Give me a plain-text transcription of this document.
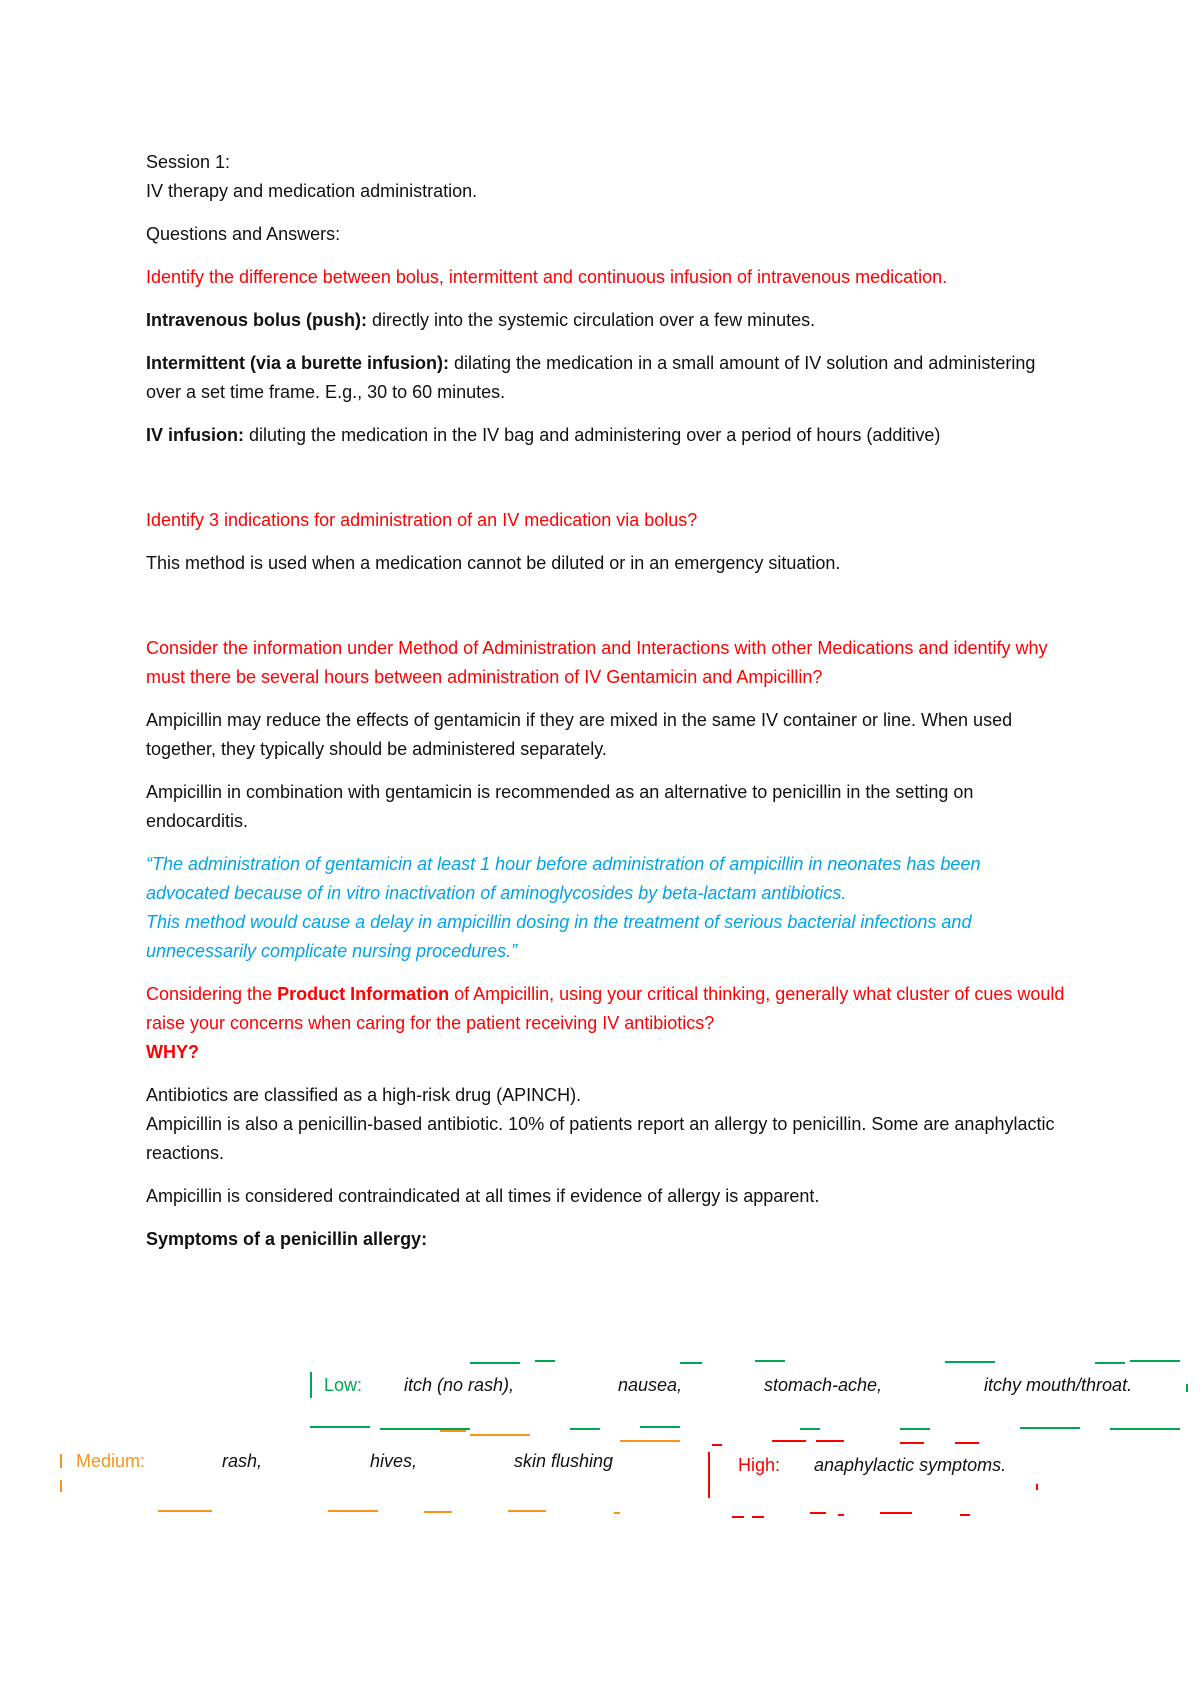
Session 1:

IV therapy and medication administration.

Questions and Answers:

Identify the difference between bolus, intermittent and continuous infusion of intravenous medication.

Intravenous bolus (push): directly into the systemic circulation over a few minutes.

Intermittent (via a burette infusion): dilating the medication in a small amount of IV solution and administering over a set time frame. E.g., 30 to 60 minutes.

IV infusion: diluting the medication in the IV bag and administering over a period of hours (additive)

Identify 3 indications for administration of an IV medication via bolus?

This method is used when a medication cannot be diluted or in an emergency situation.

Consider the information under Method of Administration and Interactions with other Medications and identify why must there be several hours between administration of IV Gentamicin and Ampicillin?

Ampicillin may reduce the effects of gentamicin if they are mixed in the same IV container or line. When used together, they typically should be administered separately.

Ampicillin in combination with gentamicin is recommended as an alternative to penicillin in the setting on endocarditis.

“The administration of gentamicin at least 1 hour before administration of ampicillin in neonates has been advocated because of in vitro inactivation of aminoglycosides by beta-lactam antibiotics.

This method would cause a delay in ampicillin dosing in the treatment of serious bacterial infections and unnecessarily complicate nursing procedures.”

Considering the Product Information of Ampicillin, using your critical thinking, generally what cluster of cues would raise your concerns when caring for the patient receiving IV antibiotics?

WHY?

Antibiotics are classified as a high-risk drug (APINCH).

Ampicillin is also a penicillin-based antibiotic. 10% of patients report an allergy to penicillin. Some are anaphylactic reactions.

Ampicillin is considered contraindicated at all times if evidence of allergy is apparent.

Symptoms of a penicillin allergy:

Low: itch (no rash),	nausea,	stomach-ache,	itchy mouth/throat.
Medium:	rash,	hives,	skin flushing	High: anaphylactic symptoms.
